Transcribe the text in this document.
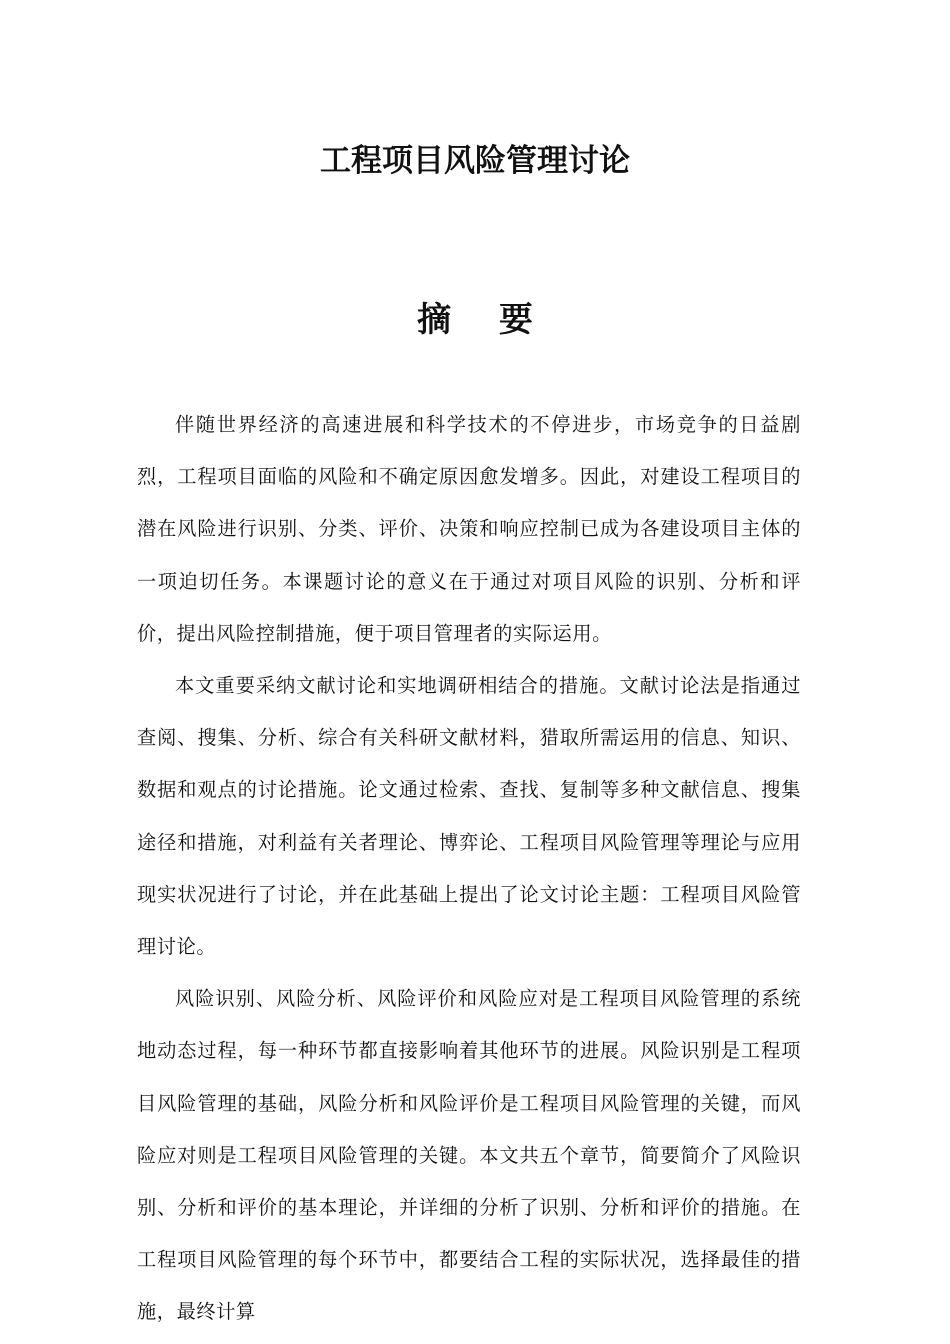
工程项目风险管理讨论
摘 要

伴随世界经济的高速进展和科学技术的不停进步，市场竞争的日益剧烈，工程项目面临的风险和不确定原因愈发增多。因此，对建设工程项目的潜在风险进行识别、分类、评价、决策和响应控制已成为各建设项目主体的一项迫切任务。本课题讨论的意义在于通过对项目风险的识别、分析和评价，提出风险控制措施，便于项目管理者的实际运用。

本文重要采纳文献讨论和实地调研相结合的措施。文献讨论法是指通过查阅、搜集、分析、综合有关科研文献材料，猎取所需运用的信息、知识、数据和观点的讨论措施。论文通过检索、查找、复制等多种文献信息、搜集途径和措施，对利益有关者理论、博弈论、工程项目风险管理等理论与应用现实状况进行了讨论，并在此基础上提出了论文讨论主题：工程项目风险管理讨论。

风险识别、风险分析、风险评价和风险应对是工程项目风险管理的系统地动态过程，每一种环节都直接影响着其他环节的进展。风险识别是工程项目风险管理的基础，风险分析和风险评价是工程项目风险管理的关键，而风险应对则是工程项目风险管理的关键。本文共五个章节，简要简介了风险识别、分析和评价的基本理论，并详细的分析了识别、分析和评价的措施。在工程项目风险管理的每个环节中，都要结合工程的实际状况，选择最佳的措施，最终计算
